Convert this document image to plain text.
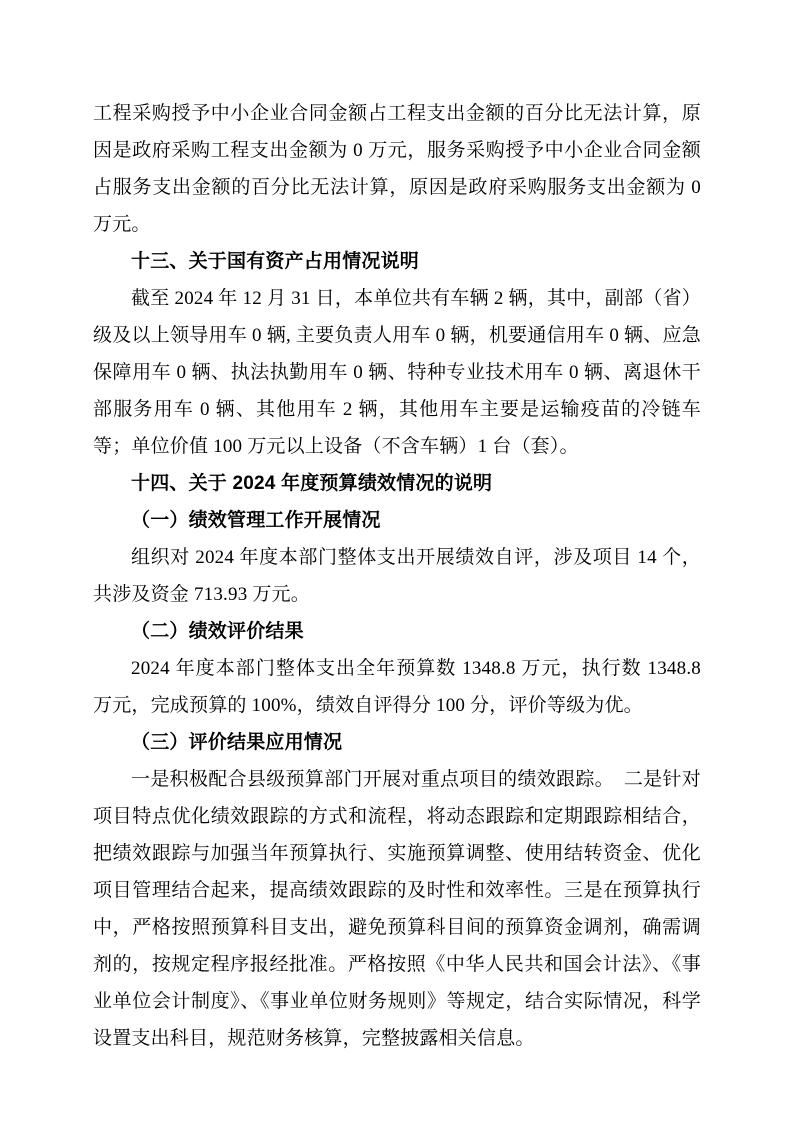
工程采购授予中小企业合同金额占工程支出金额的百分比无法计算，原因是政府采购工程支出金额为 0 万元，服务采购授予中小企业合同金额占服务支出金额的百分比无法计算，原因是政府采购服务支出金额为 0 万元。

十三、关于国有资产占用情况说明

截至 2024 年 12 月 31 日，本单位共有车辆 2 辆，其中，副部（省）级及以上领导用车 0 辆, 主要负责人用车 0 辆，机要通信用车 0 辆、应急保障用车 0 辆、执法执勤用车 0 辆、特种专业技术用车 0 辆、离退休干部服务用车 0 辆、其他用车 2 辆，其他用车主要是运输疫苗的冷链车等；单位价值 100 万元以上设备（不含车辆）1 台（套）。

十四、关于 2024 年度预算绩效情况的说明
（一）绩效管理工作开展情况

组织对 2024 年度本部门整体支出开展绩效自评，涉及项目 14 个，共涉及资金 713.93 万元。

（二）绩效评价结果

2024 年度本部门整体支出全年预算数 1348.8 万元，执行数 1348.8 万元，完成预算的 100%，绩效自评得分 100 分，评价等级为优。

（三）评价结果应用情况

一是积极配合县级预算部门开展对重点项目的绩效跟踪。　二是针对项目特点优化绩效跟踪的方式和流程，将动态跟踪和定期跟踪相结合，把绩效跟踪与加强当年预算执行、实施预算调整、使用结转资金、优化项目管理结合起来，提高绩效跟踪的及时性和效率性。三是在预算执行中，严格按照预算科目支出，避免预算科目间的预算资金调剂，确需调剂的，按规定程序报经批准。严格按照《中华人民共和国会计法》、《事业单位会计制度》、《事业单位财务规则》等规定，结合实际情况，科学设置支出科目，规范财务核算，完整披露相关信息。
